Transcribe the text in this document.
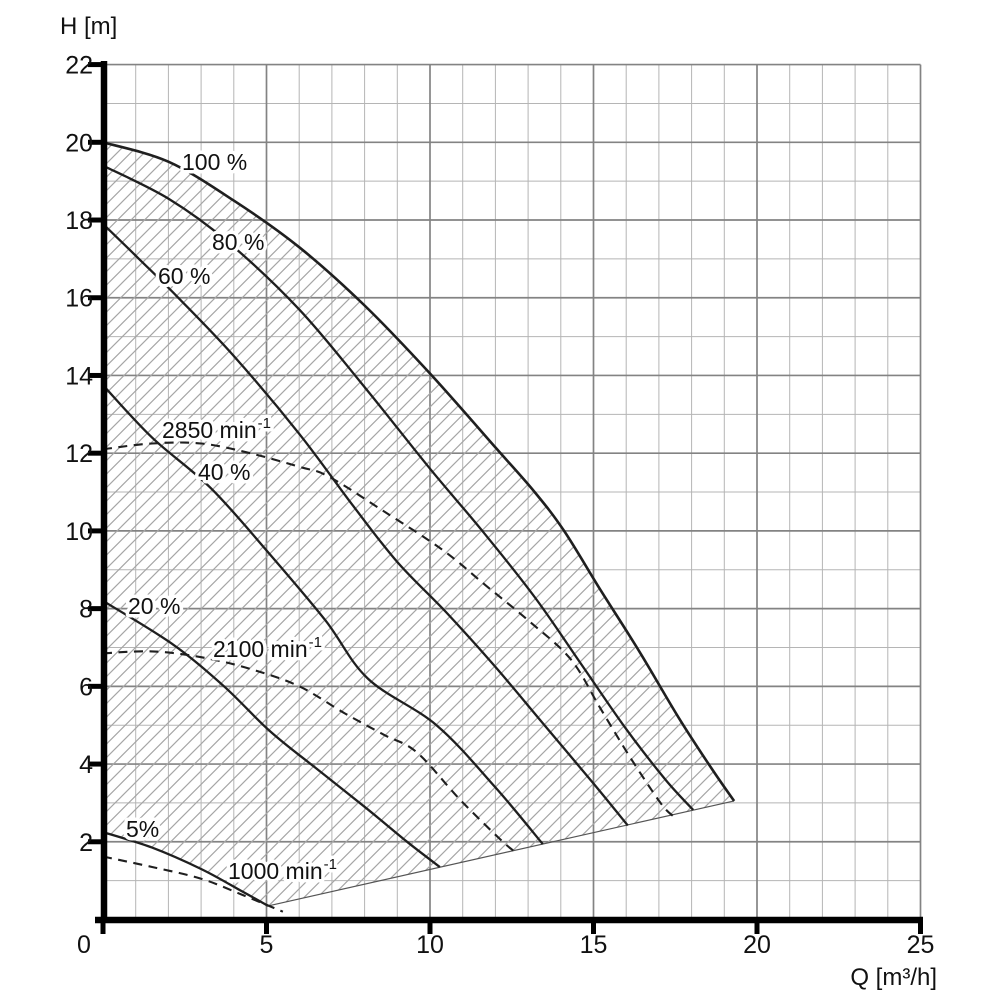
0	5	10	15	20	25
2
4
6
8
10
12
14
16
18
20
22
100 %
80 %
60 %
2850 $\min^{-1}$
40 %
20 %
2100 $\min^{-1}$
5%
1000 $\min^{-1}$
H [m]
Q [m³/h]
